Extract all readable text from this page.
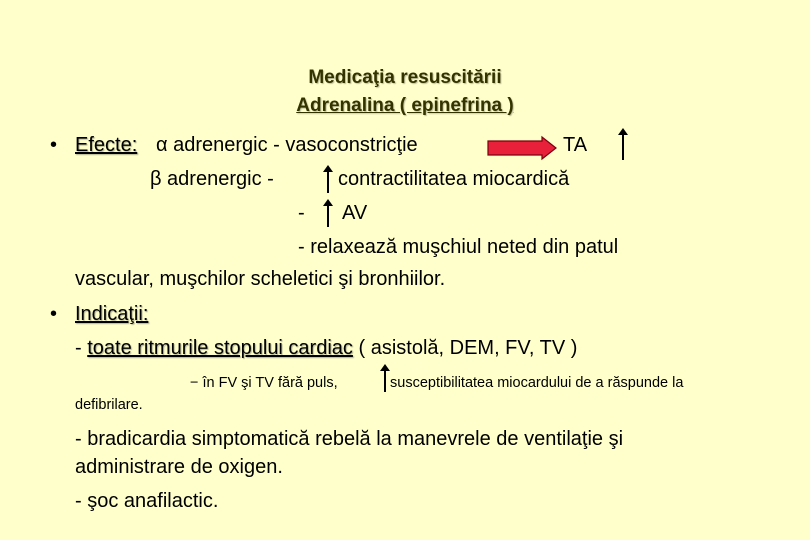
Medicaţia resuscitării
Adrenalina ( epinefrina )
• Efecte: α adrenergic - vasoconstricţie	TA
β adrenergic -	contractilitatea miocardică
- AV
- relaxează muşchiul neted din patul
vascular, muşchilor scheletici şi bronhiilor.
• Indicaţii:
- toate ritmurile stopului cardiac ( asistolă, DEM, FV, TV )
− în FV şi TV fără puls,	susceptibilitatea miocardului de a răspunde la
defibrilare.
- bradicardia simptomatică rebelă la manevrele de ventilaţie şi
administrare de oxigen.
- şoc anafilactic.
